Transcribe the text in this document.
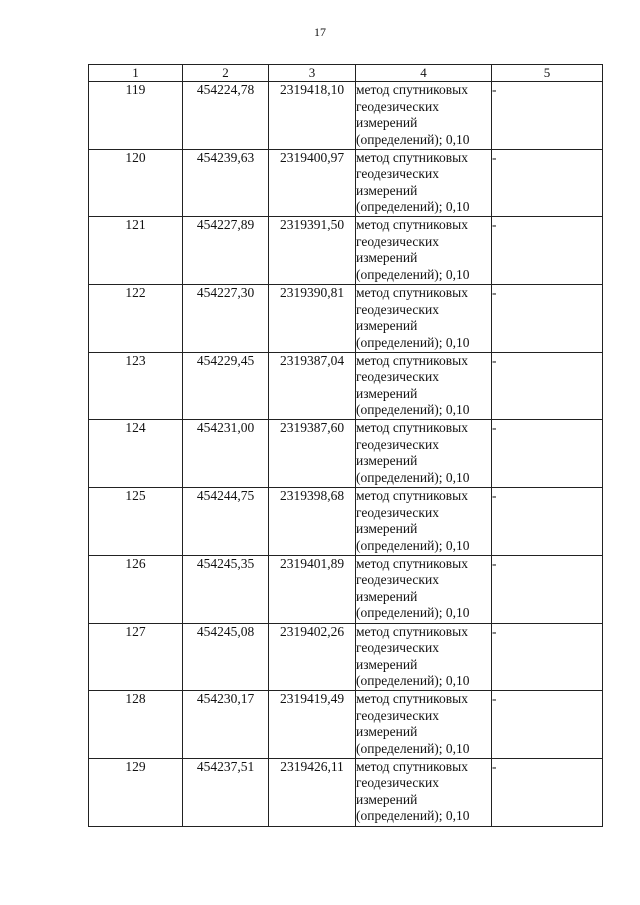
17
1	2	3	4	5
119	454224,78	2319418,10	метод спутниковых геодезических измерений (определений); 0,10	-
120	454239,63	2319400,97	метод спутниковых геодезических измерений (определений); 0,10	-
121	454227,89	2319391,50	метод спутниковых геодезических измерений (определений); 0,10	-
122	454227,30	2319390,81	метод спутниковых геодезических измерений (определений); 0,10	-
123	454229,45	2319387,04	метод спутниковых геодезических измерений (определений); 0,10	-
124	454231,00	2319387,60	метод спутниковых геодезических измерений (определений); 0,10	-
125	454244,75	2319398,68	метод спутниковых геодезических измерений (определений); 0,10	-
126	454245,35	2319401,89	метод спутниковых геодезических измерений (определений); 0,10	-
127	454245,08	2319402,26	метод спутниковых геодезических измерений (определений); 0,10	-
128	454230,17	2319419,49	метод спутниковых геодезических измерений (определений); 0,10	-
129	454237,51	2319426,11	метод спутниковых геодезических измерений (определений); 0,10	-
